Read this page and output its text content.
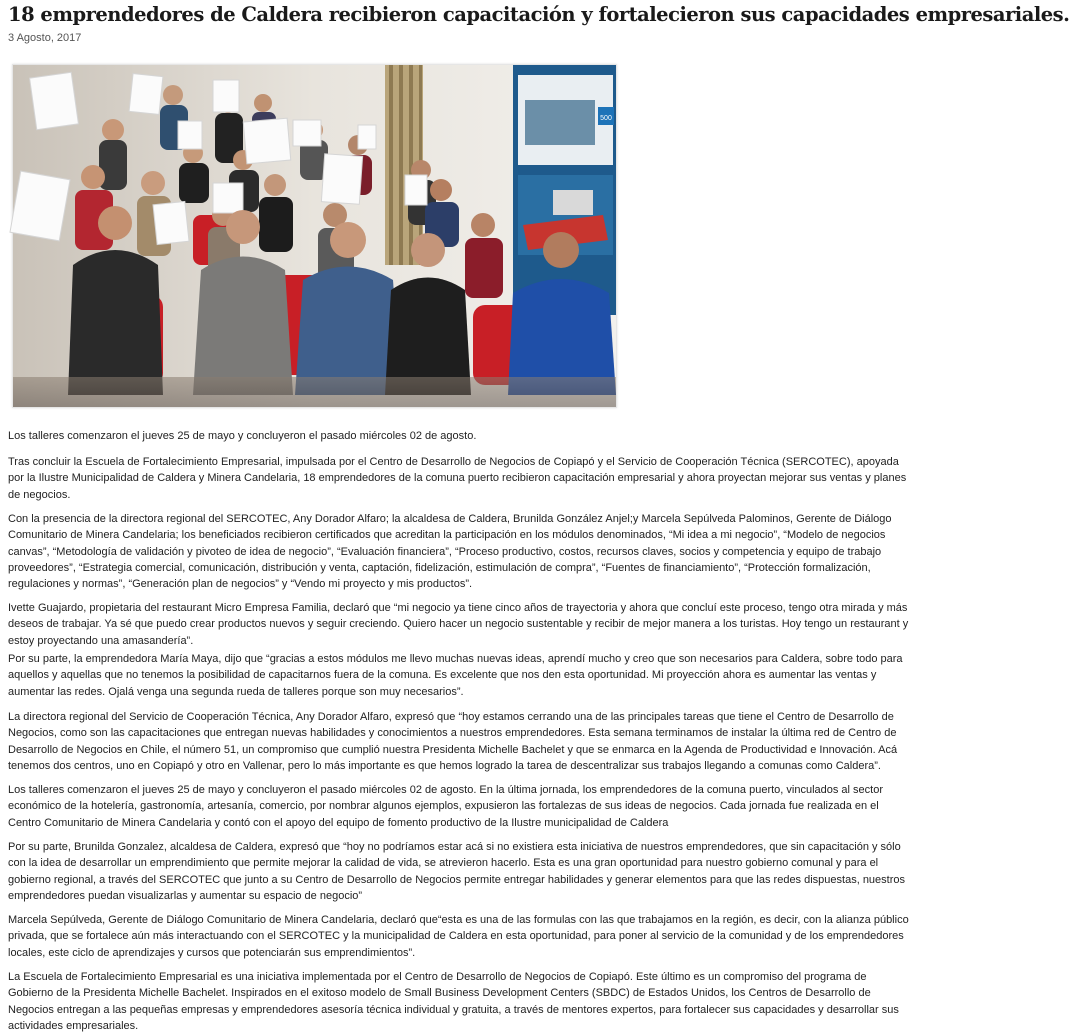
18 emprendedores de Caldera recibieron capacitación y fortalecieron sus capacidades empresariales.
3 Agosto, 2017
500
Los talleres comenzaron el jueves 25 de mayo y concluyeron el pasado miércoles 02 de agosto.
Tras concluir la Escuela de Fortalecimiento Empresarial, impulsada por el Centro de Desarrollo de Negocios de Copiapó y el Servicio de Cooperación Técnica (SERCOTEC), apoyada por la Ilustre Municipalidad de Caldera y Minera Candelaria, 18 emprendedores de la comuna puerto recibieron capacitación empresarial y ahora proyectan mejorar sus ventas y planes de negocios.
Con la presencia de la directora regional del SERCOTEC, Any Dorador Alfaro; la alcaldesa de Caldera, Brunilda González Anjel;y Marcela Sepúlveda Palominos, Gerente de Diálogo Comunitario de Minera Candelaria; los beneficiados recibieron certificados que acreditan la participación en los módulos denominados, “Mi idea a mi negocio”, “Modelo de negocios canvas”, “Metodología de validación y pivoteo de idea de negocio”, “Evaluación financiera”, “Proceso productivo, costos, recursos claves, socios y competencia y equipo de trabajo proveedores”, “Estrategia comercial, comunicación, distribución y venta, captación, fidelización, estimulación de compra”, “Fuentes de financiamiento”, “Protección formalización, regulaciones y normas”, “Generación plan de negocios” y “Vendo mi proyecto y mis productos”.
Ivette Guajardo, propietaria del restaurant Micro Empresa Familia, declaró que “mi negocio ya tiene cinco años de trayectoria y ahora que concluí este proceso, tengo otra mirada y más deseos de trabajar. Ya sé que puedo crear productos nuevos y seguir creciendo. Quiero hacer un negocio sustentable y recibir de mejor manera a los turistas. Hoy tengo un restaurant y estoy proyectando una amasandería”.
Por su parte, la emprendedora María Maya, dijo que “gracias a estos módulos me llevo muchas nuevas ideas, aprendí mucho y creo que son necesarios para Caldera, sobre todo para aquellos y aquellas que no tenemos la posibilidad de capacitarnos fuera de la comuna. Es excelente que nos den esta oportunidad. Mi proyección ahora es aumentar las ventas y aumentar las redes. Ojalá venga una segunda rueda de talleres porque son muy necesarios”.
La directora regional del Servicio de Cooperación Técnica, Any Dorador Alfaro, expresó que “hoy estamos cerrando una de las principales tareas que tiene el Centro de Desarrollo de Negocios, como son las capacitaciones que entregan nuevas habilidades y conocimientos a nuestros emprendedores. Esta semana terminamos de instalar la última red de Centro de Desarrollo de Negocios en Chile, el número 51, un compromiso que cumplió nuestra Presidenta Michelle Bachelet y que se enmarca en la Agenda de Productividad e Innovación. Acá tenemos dos centros, uno en Copiapó y otro en Vallenar, pero lo más importante es que hemos logrado la tarea de descentralizar sus trabajos llegando a comunas como Caldera”.
Los talleres comenzaron el jueves 25 de mayo y concluyeron el pasado miércoles 02 de agosto. En la última jornada, los emprendedores de la comuna puerto, vinculados al sector económico de la hotelería, gastronomía, artesanía, comercio, por nombrar algunos ejemplos, expusieron las fortalezas de sus ideas de negocios. Cada jornada fue realizada en el Centro Comunitario de Minera Candelaria y contó con el apoyo del equipo de fomento productivo de la Ilustre municipalidad de Caldera
Por su parte, Brunilda Gonzalez, alcaldesa de Caldera, expresó que “hoy no podríamos estar acá si no existiera esta iniciativa de nuestros emprendedores, que sin capacitación y sólo con la idea de desarrollar un emprendimiento que permite mejorar la calidad de vida, se atrevieron hacerlo. Esta es una gran oportunidad para nuestro gobierno comunal y para el gobierno regional, a través del SERCOTEC que junto a su Centro de Desarrollo de Negocios permite entregar habilidades y generar elementos para que las redes dispuestas, nuestros emprendedores puedan visualizarlas y aumentar su espacio de negocio”
Marcela Sepúlveda, Gerente de Diálogo Comunitario de Minera Candelaria, declaró que“esta es una de las formulas con las que trabajamos en la región, es decir, con la alianza público privada, que se fortalece aún más interactuando con el SERCOTEC y la municipalidad de Caldera en esta oportunidad, para poner al servicio de la comunidad y de los emprendedores locales, este ciclo de aprendizajes y cursos que potenciarán sus emprendimientos”.
La Escuela de Fortalecimiento Empresarial es una iniciativa implementada por el Centro de Desarrollo de Negocios de Copiapó. Este último es un compromiso del programa de Gobierno de la Presidenta Michelle Bachelet. Inspirados en el exitoso modelo de Small Business Development Centers (SBDC) de Estados Unidos, los Centros de Desarrollo de Negocios entregan a las pequeñas empresas y emprendedores asesoría técnica individual y gratuita, a través de mentores expertos, para fortalecer sus capacidades y desarrollar sus actividades empresariales.
